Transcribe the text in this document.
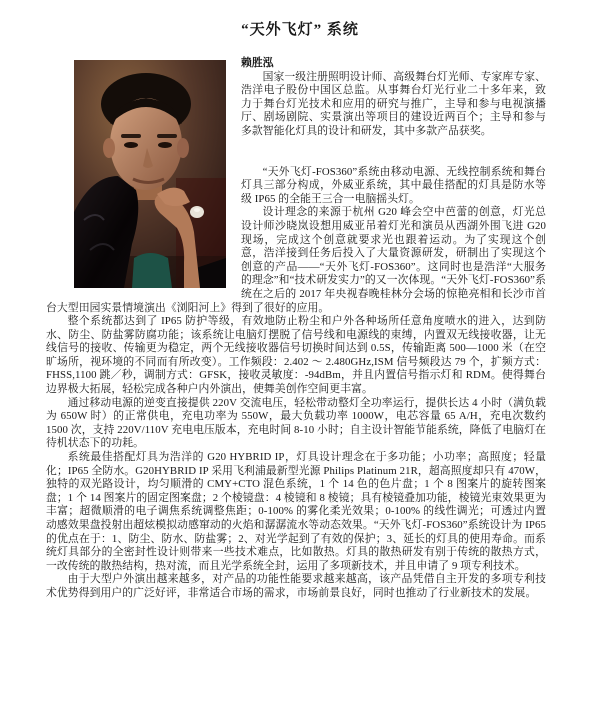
“天外飞灯” 系统

赖胜泓

国家一级注册照明设计师、高级舞台灯光师、专家库专家、浩洋电子股份中国区总监。从事舞台灯光行业二十多年来，致力于舞台灯光技术和应用的研究与推广，主导和参与电视演播厅、剧场剧院、实景演出等项目的建设近两百个；主导和参与多款智能化灯具的设计和研发，其中多款产品获奖。

“天外飞灯-FOS360”系统由移动电源、无线控制系统和舞台灯具三部分构成，外威亚系统，其中最佳搭配的灯具是防水等级 IP65 的全能王三合一电脑摇头灯。

设计理念的来源于杭州 G20 峰会空中芭蕾的创意，灯光总设计师沙晓岚设想用威亚吊着灯光和演员从西湖外围飞进 G20 现场，完成这个创意就要求光也跟着运动。为了实现这个创意，浩洋接到任务后投入了大量资源研发，研制出了实现这个创意的产品——“天外飞灯-FOS360”。这同时也是浩洋“大服务的理念”和“技术研发实力”的又一次体现。“天外飞灯-FOS360”系统在之后的 2017 年央视春晚桂林分会场的惊艳亮相和长沙市首台大型田园实景情境演出《浏阳河上》得到了很好的应用。

整个系统都达到了 IP65 防护等级，有效地防止粉尘和户外各种场所任意角度喷水的进入，达到防水、防尘、防盐雾防腐功能；该系统让电脑灯摆脱了信号线和电源线的束缚，内置双无线接收器，让无线信号的接收、传输更为稳定，两个无线接收器信号切换时间达到 0.5S，传输距离 500—1000 米（在空旷场所，视环境的不同而有所改变）。工作频段：2.402 ～ 2.480GHz,ISM 信号频段达 79 个，扩频方式：FHSS,1100 跳／秒，调制方式：GFSK，接收灵敏度：-94dBm，并且内置信号指示灯和 RDM。使得舞台边界极大拓展，轻松完成各种户内外演出，使舞美创作空间更丰富。

通过移动电源的逆变直接提供 220V 交流电压，轻松带动整灯全功率运行，提供长达 4 小时（满负载为 650W 时）的正常供电，充电功率为 550W，最大负载功率 1000W，电芯容量 65 A/H，充电次数约 1500 次，支持 220V/110V 充电电压版本，充电时间 8-10 小时；自主设计智能节能系统，降低了电脑灯在待机状态下的功耗。

系统最佳搭配灯具为浩洋的 G20 HYBRID IP，灯具设计理念在于多功能；小功率；高照度；轻量化；IP65 全防水。G20HYBRID IP 采用飞利浦最新型光源 Philips Platinum 21R，超高照度却只有 470W，独特的双光路设计，均匀顺滑的 CMY+CTO 混色系统，1 个 14 色的色片盘；1 个 8 图案片的旋转图案盘；1 个 14 图案片的固定图案盘；2 个棱镜盘：4 棱镜和 8 棱镜；具有棱镜叠加功能，棱镜光束效果更为丰富；超微顺滑的电子调焦系统调整焦距；0-100% 的雾化柔光效果；0-100% 的线性调光；可透过内置动感效果盘投射出超炫模拟动感窜动的火焰和潺潺流水等动态效果。“天外飞灯-FOS360”系统设计为 IP65 的优点在于：1、防尘、防水、防盐雾；2、对光学起到了有效的保护；3、延长的灯具的使用寿命。而系统灯具部分的全密封性设计则带来一些技术难点，比如散热。灯具的散热研发有别于传统的散热方式，一改传统的散热结构，热对流，而且光学系统全封，运用了多项新技术，并且申请了 9 项专利技术。

由于大型户外演出越来越多，对产品的功能性能要求越来越高，该产品凭借自主开发的多项专利技术优势得到用户的广泛好评，非常适合市场的需求，市场前景良好，同时也推动了行业新技术的发展。
